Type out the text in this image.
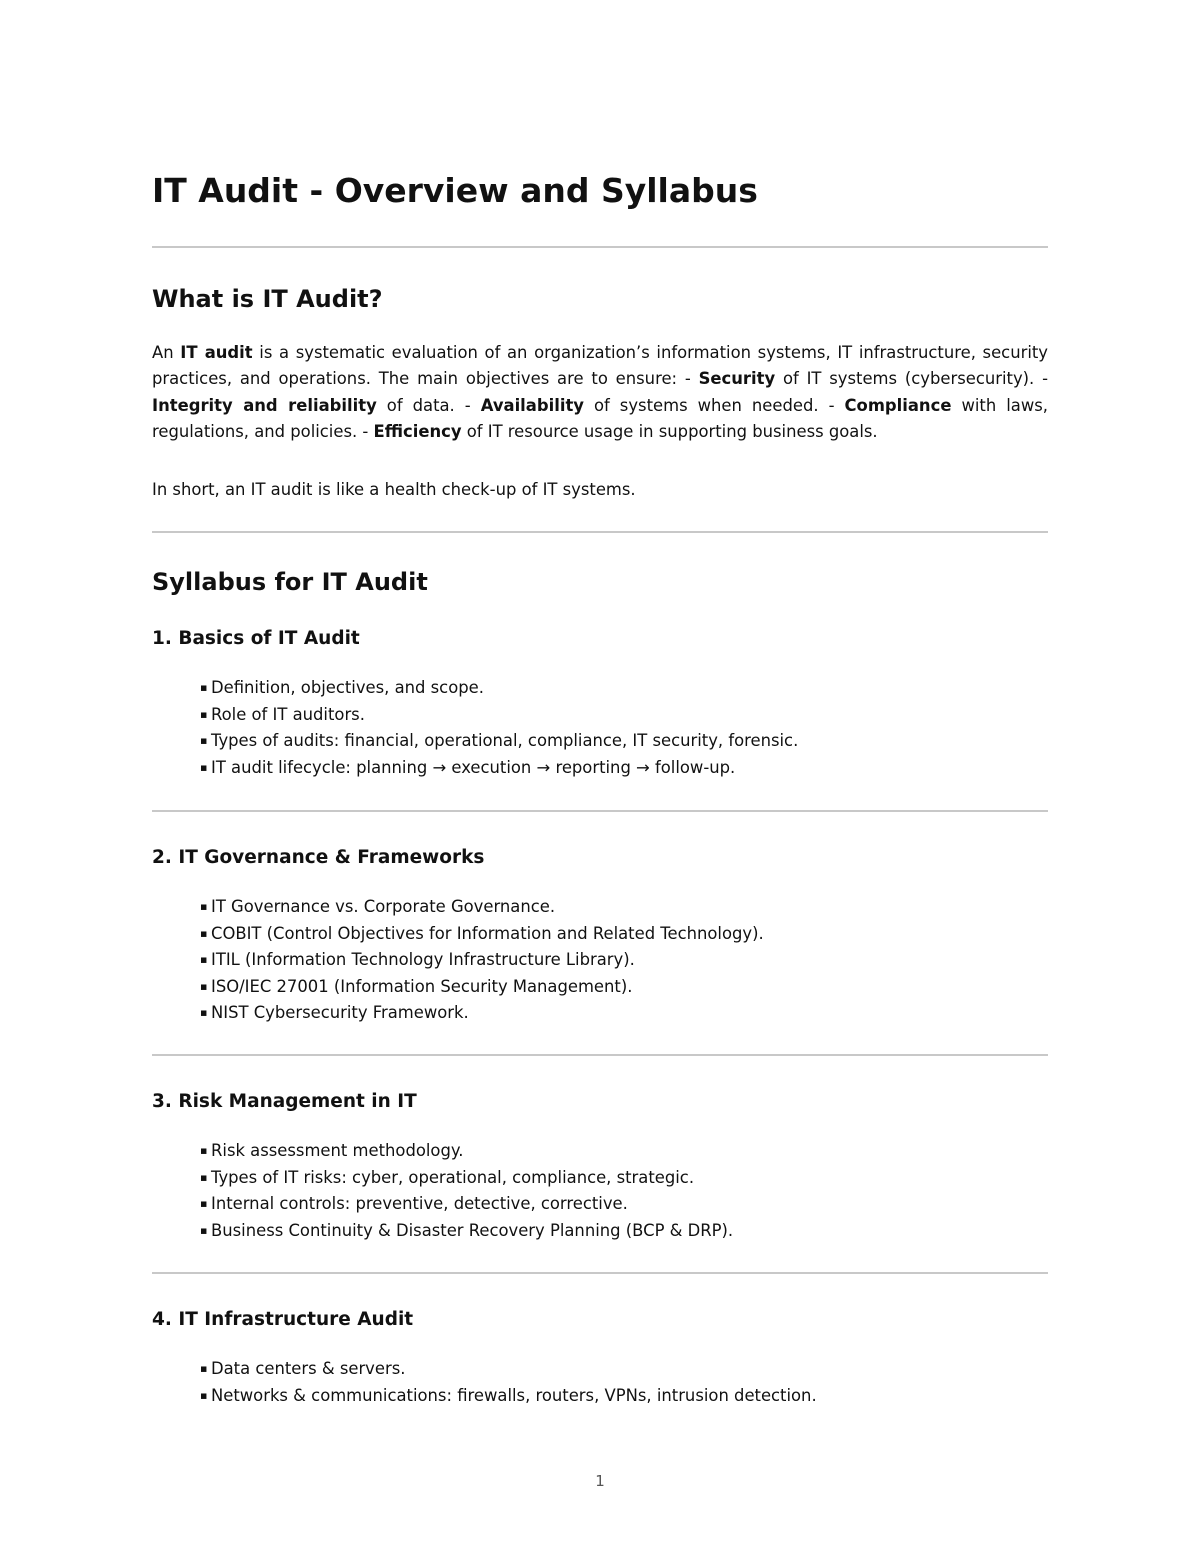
IT Audit - Overview and Syllabus
What is IT Audit?

An IT audit is a systematic evaluation of an organization’s information systems, IT infrastructure, security practices, and operations. The main objectives are to ensure: - Security of IT systems (cybersecurity). - Integrity and reliability of data. - Availability of systems when needed. - Compliance with laws, regulations, and policies. - Efficiency of IT resource usage in supporting business goals.

In short, an IT audit is like a health check-up of IT systems.

Syllabus for IT Audit
1. Basics of IT Audit
▪ Definition, objectives, and scope.
▪ Role of IT auditors.
▪ Types of audits: financial, operational, compliance, IT security, forensic.
▪ IT audit lifecycle: planning → execution → reporting → follow-up.
2. IT Governance & Frameworks
▪ IT Governance vs. Corporate Governance.
▪ COBIT (Control Objectives for Information and Related Technology).
▪ ITIL (Information Technology Infrastructure Library).
▪ ISO/IEC 27001 (Information Security Management).
▪ NIST Cybersecurity Framework.
3. Risk Management in IT
▪ Risk assessment methodology.
▪ Types of IT risks: cyber, operational, compliance, strategic.
▪ Internal controls: preventive, detective, corrective.
▪ Business Continuity & Disaster Recovery Planning (BCP & DRP).
4. IT Infrastructure Audit
▪ Data centers & servers.
▪ Networks & communications: firewalls, routers, VPNs, intrusion detection.
1
